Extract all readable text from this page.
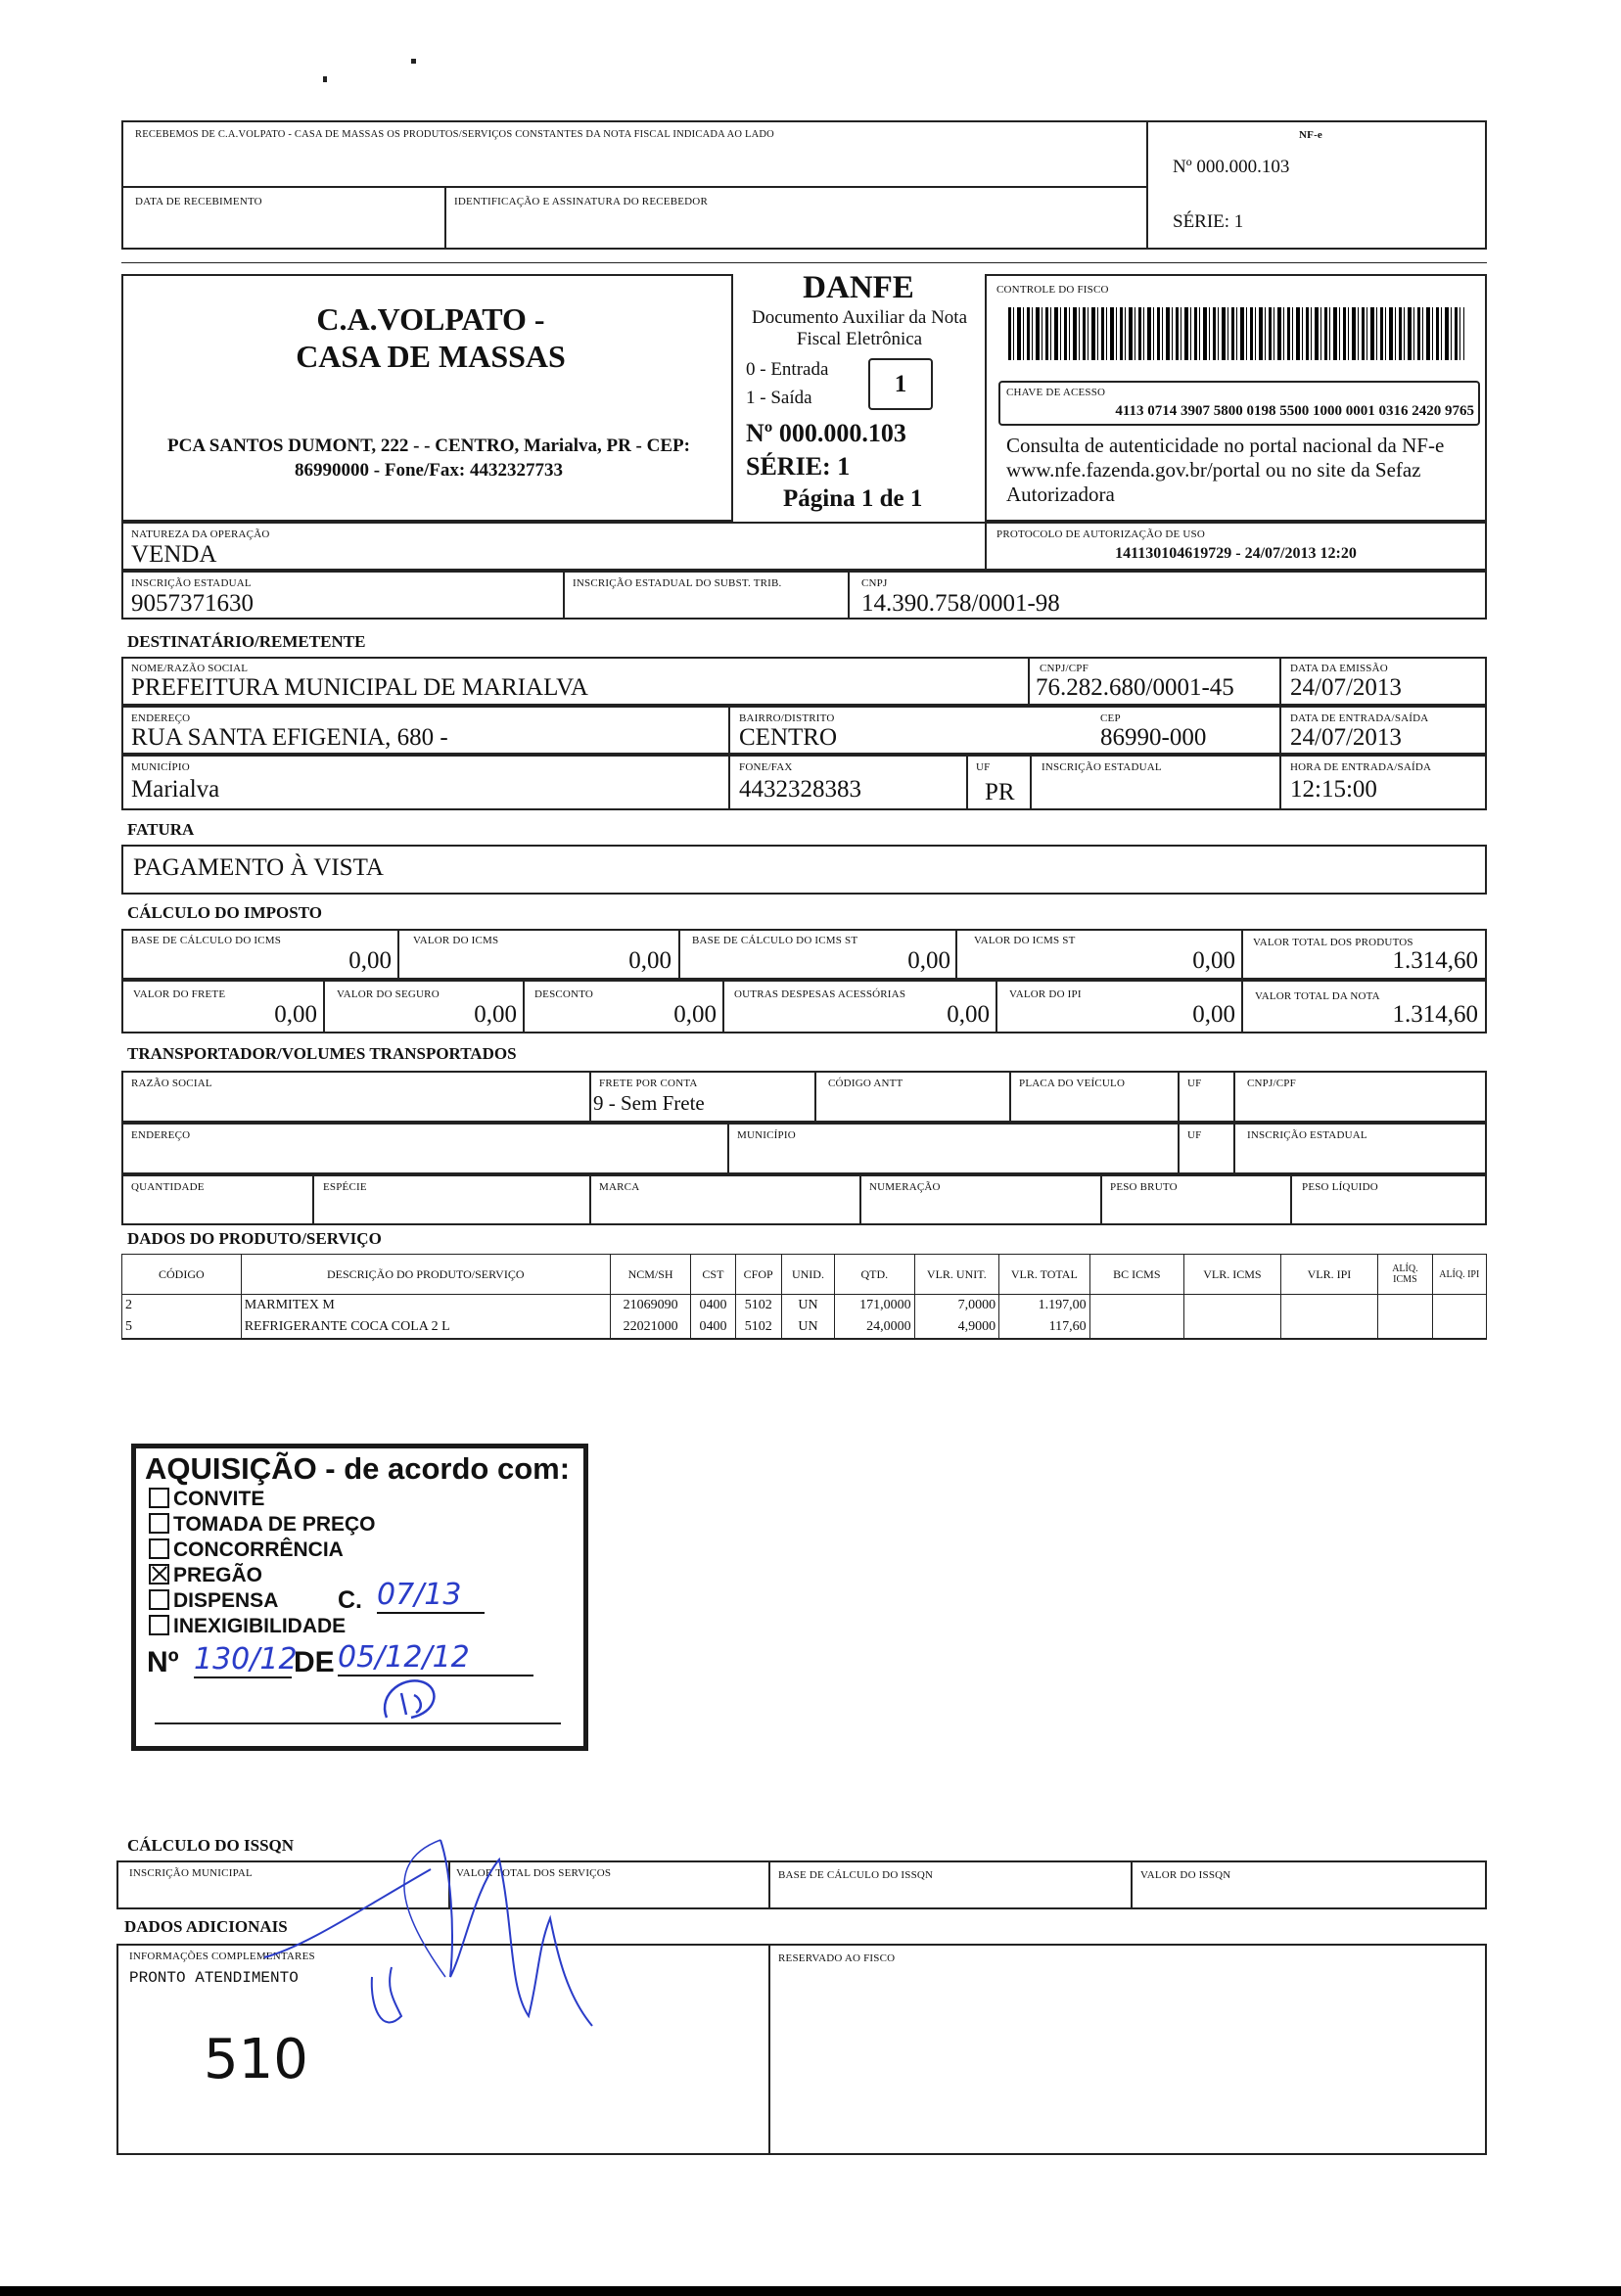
RECEBEMOS DE C.A.VOLPATO - CASA DE MASSAS OS PRODUTOS/SERVIÇOS CONSTANTES DA NOTA FISCAL INDICADA AO LADO
DATA DE RECEBIMENTO	IDENTIFICAÇÃO E ASSINATURA DO RECEBEDOR
NF-e
Nº 000.000.103
SÉRIE: 1
C.A.VOLPATO - CASA DE MASSAS
PCA SANTOS DUMONT, 222 - - CENTRO, Marialva, PR - CEP: 86990000 - Fone/Fax: 4432327733
DANFE
Documento Auxiliar da Nota Fiscal Eletrônica
0 - Entrada
1 - Saída
1
Nº 000.000.103
SÉRIE: 1
Página 1 de 1
CONTROLE DO FISCO
CHAVE DE ACESSO
4113 0714 3907 5800 0198 5500 1000 0001 0316 2420 9765
Consulta de autenticidade no portal nacional da NF-e www.nfe.fazenda.gov.br/portal ou no site da Sefaz Autorizadora
NATUREZA DA OPERAÇÃO
VENDA
PROTOCOLO DE AUTORIZAÇÃO DE USO
141130104619729 - 24/07/2013 12:20
INSCRIÇÃO ESTADUAL
9057371630
INSCRIÇÃO ESTADUAL DO SUBST. TRIB.	CNPJ
14.390.758/0001-98
DESTINATÁRIO/REMETENTE
NOME/RAZÃO SOCIAL
PREFEITURA MUNICIPAL DE MARIALVA
CNPJ/CPF
76.282.680/0001-45
DATA DA EMISSÃO
24/07/2013
ENDEREÇO
RUA SANTA EFIGENIA, 680 -
BAIRRO/DISTRITO
CENTRO
CEP
86990-000
DATA DE ENTRADA/SAÍDA
24/07/2013
MUNICÍPIO
Marialva
FONE/FAX
4432328383
UF
PR
INSCRIÇÃO ESTADUAL	HORA DE ENTRADA/SAÍDA
12:15:00
FATURA
PAGAMENTO À VISTA
CÁLCULO DO IMPOSTO
BASE DE CÁLCULO DO ICMS
0,00
VALOR DO ICMS
0,00
BASE DE CÁLCULO DO ICMS ST
0,00
VALOR DO ICMS ST
0,00
VALOR TOTAL DOS PRODUTOS
1.314,60
VALOR DO FRETE
0,00
VALOR DO SEGURO
0,00
DESCONTO
0,00
OUTRAS DESPESAS ACESSÓRIAS
0,00
VALOR DO IPI
0,00
VALOR TOTAL DA NOTA
1.314,60
TRANSPORTADOR/VOLUMES TRANSPORTADOS
RAZÃO SOCIAL	FRETE POR CONTA
9 - Sem Frete
CÓDIGO ANTT	PLACA DO VEÍCULO	UF	CNPJ/CPF
ENDEREÇO	MUNICÍPIO	UF	INSCRIÇÃO ESTADUAL
QUANTIDADE	ESPÉCIE	MARCA	NUMERAÇÃO	PESO BRUTO	PESO LÍQUIDO
DADOS DO PRODUTO/SERVIÇO
CÓDIGO	DESCRIÇÃO DO PRODUTO/SERVIÇO	NCM/SH	CST	CFOP	UNID.	QTD.	VLR. UNIT.	VLR. TOTAL	BC ICMS	VLR. ICMS	VLR. IPI	ALÍQ. ICMS	ALÍQ. IPI
2	MARMITEX M	21069090	0400	5102	UN	171,0000	7,0000	1.197,00					
5	REFRIGERANTE COCA COLA 2 L	22021000	0400	5102	UN	24,0000	4,9000	117,60					
AQUISIÇÃO - de acordo com:
CONVITE
TOMADA DE PREÇO
CONCORRÊNCIA
PREGÃO
DISPENSA C. 07/13
INEXIGIBILIDADE
Nº 130/12
DE 05/12/12
CÁLCULO DO ISSQN
INSCRIÇÃO MUNICIPAL	VALOR TOTAL DOS SERVIÇOS	BASE DE CÁLCULO DO ISSQN	VALOR DO ISSQN
DADOS ADICIONAIS
INFORMAÇÕES COMPLEMENTARES
PRONTO ATENDIMENTO
RESERVADO AO FISCO
510
